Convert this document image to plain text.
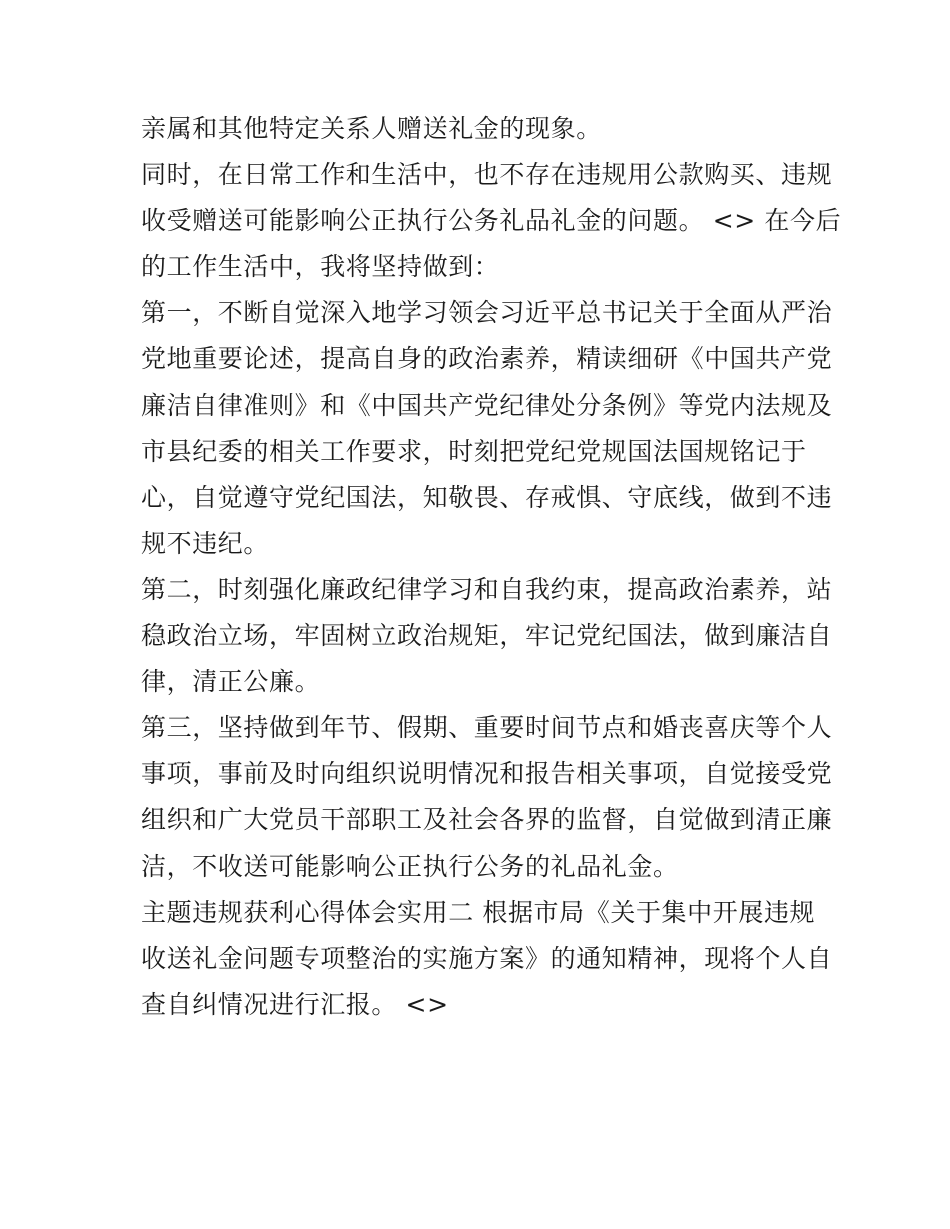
亲属和其他特定关系人赠送礼金的现象。
同时，在日常工作和生活中，也不存在违规用公款购买、违规
收受赠送可能影响公正执行公务礼品礼金的问题。 <> 在今后
的工作生活中，我将坚持做到：
第一，不断自觉深入地学习领会习近平总书记关于全面从严治
党地重要论述，提高自身的政治素养，精读细研《中国共产党
廉洁自律准则》和《中国共产党纪律处分条例》等党内法规及
市县纪委的相关工作要求，时刻把党纪党规国法国规铭记于
心，自觉遵守党纪国法，知敬畏、存戒惧、守底线，做到不违
规不违纪。
第二，时刻强化廉政纪律学习和自我约束，提高政治素养，站
稳政治立场，牢固树立政治规矩，牢记党纪国法，做到廉洁自
律，清正公廉。
第三，坚持做到年节、假期、重要时间节点和婚丧喜庆等个人
事项，事前及时向组织说明情况和报告相关事项，自觉接受党
组织和广大党员干部职工及社会各界的监督，自觉做到清正廉
洁，不收送可能影响公正执行公务的礼品礼金。
主题违规获利心得体会实用二 根据市局《关于集中开展违规
收送礼金问题专项整治的实施方案》的通知精神，现将个人自
查自纠情况进行汇报。 <>
